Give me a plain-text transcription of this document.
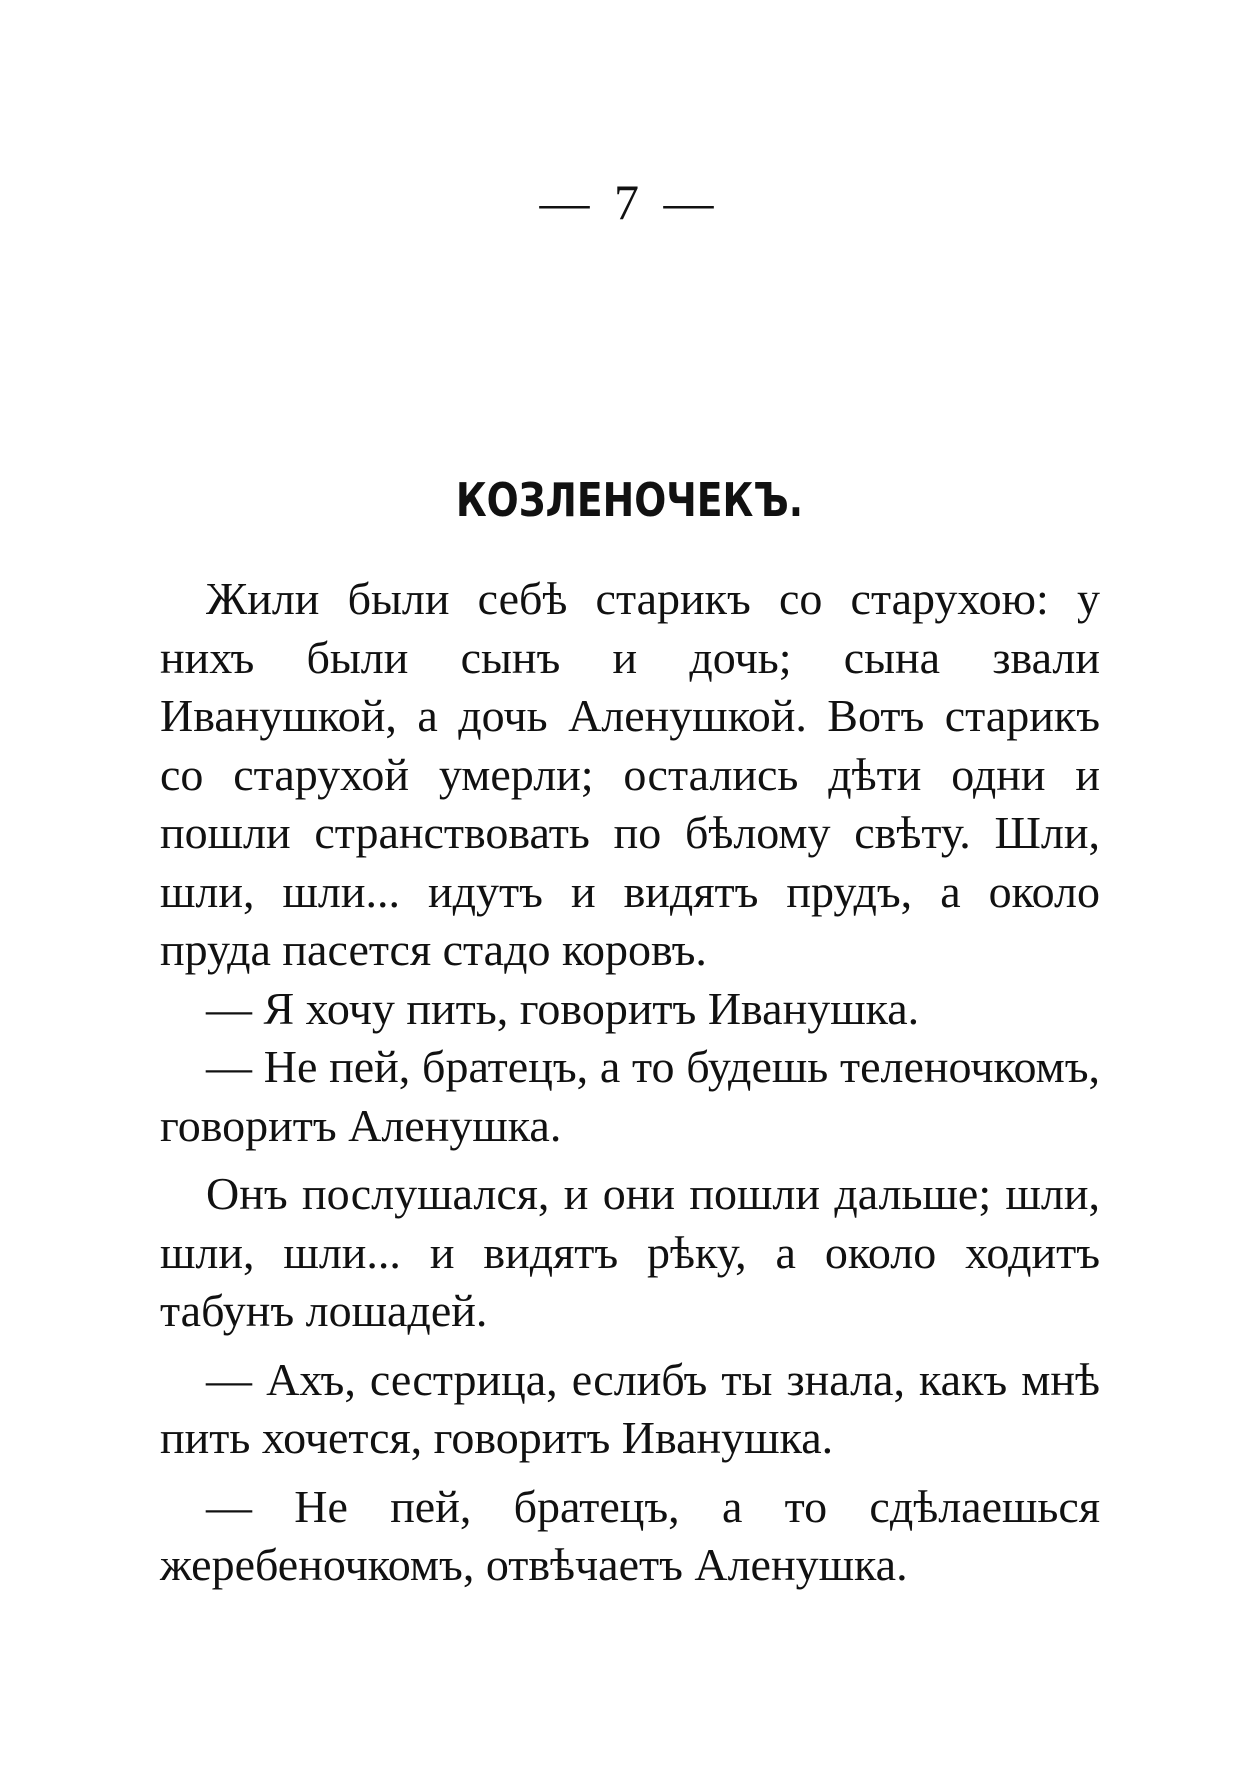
— 7 —
КОЗЛЕНОЧЕКЪ.

Жили были себѣ старикъ со старухою: у нихъ были сынъ и дочь; сына звали Иванушкой, а дочь Аленушкой. Вотъ старикъ со старухой умерли; остались дѣти одни и пошли странствовать по бѣлому свѣту. Шли, шли, шли... идутъ и видятъ прудъ, а около пруда пасется стадо коровъ.

— Я хочу пить, говоритъ Иванушка.

— Не пей, братецъ, а то будешь теленочкомъ, говоритъ Аленушка.

Онъ послушался, и они пошли дальше; шли, шли, шли... и видятъ рѣку, а около ходитъ табунъ лошадей.

— Ахъ, сестрица, еслибъ ты знала, какъ мнѣ пить хочется, говоритъ Иванушка.

— Не пей, братецъ, а то сдѣлаешься жеребеночкомъ, отвѣчаетъ Аленушка.
